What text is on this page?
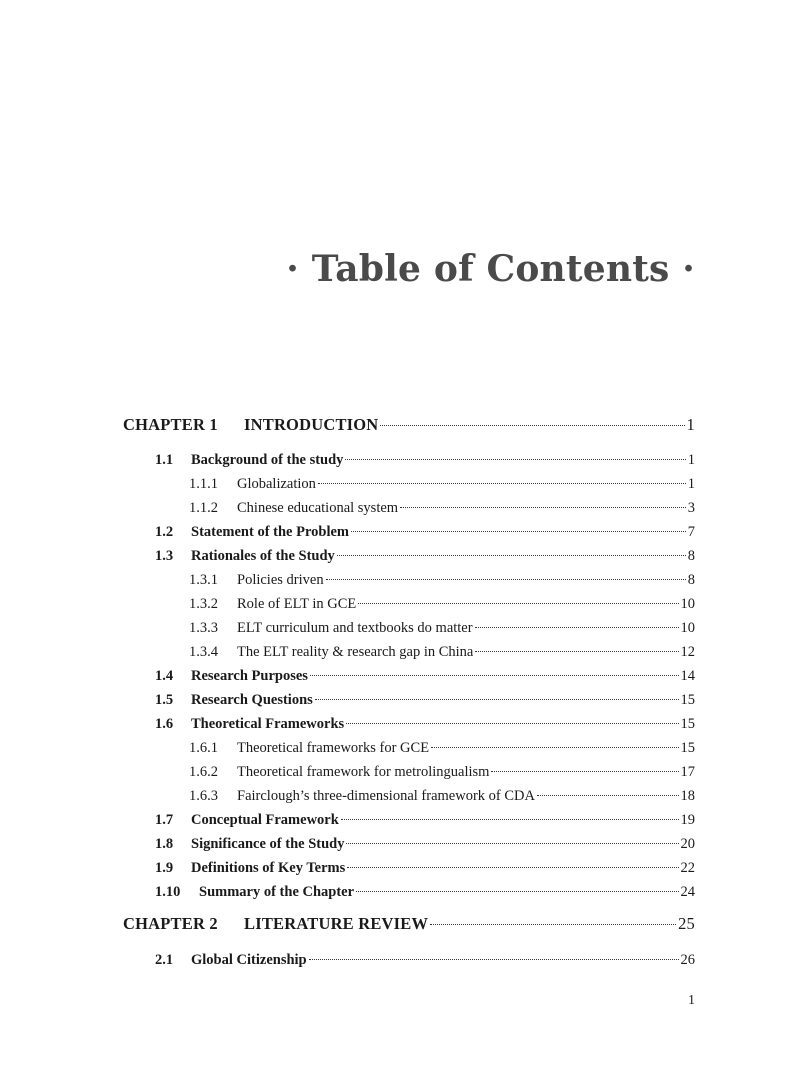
· Table of Contents ·
CHAPTER 1	INTRODUCTION	1
1.1	Background of the study	1
1.1.1	Globalization	1
1.1.2	Chinese educational system	3
1.2	Statement of the Problem	7
1.3	Rationales of the Study	8
1.3.1	Policies driven	8
1.3.2	Role of ELT in GCE	10
1.3.3	ELT curriculum and textbooks do matter	10
1.3.4	The ELT reality & research gap in China	12
1.4	Research Purposes	14
1.5	Research Questions	15
1.6	Theoretical Frameworks	15
1.6.1	Theoretical frameworks for GCE	15
1.6.2	Theoretical framework for metrolingualism	17
1.6.3	Fairclough’s three-dimensional framework of CDA	18
1.7	Conceptual Framework	19
1.8	Significance of the Study	20
1.9	Definitions of Key Terms	22
1.10	Summary of the Chapter	24
CHAPTER 2	LITERATURE REVIEW	25
2.1	Global Citizenship	26
1
